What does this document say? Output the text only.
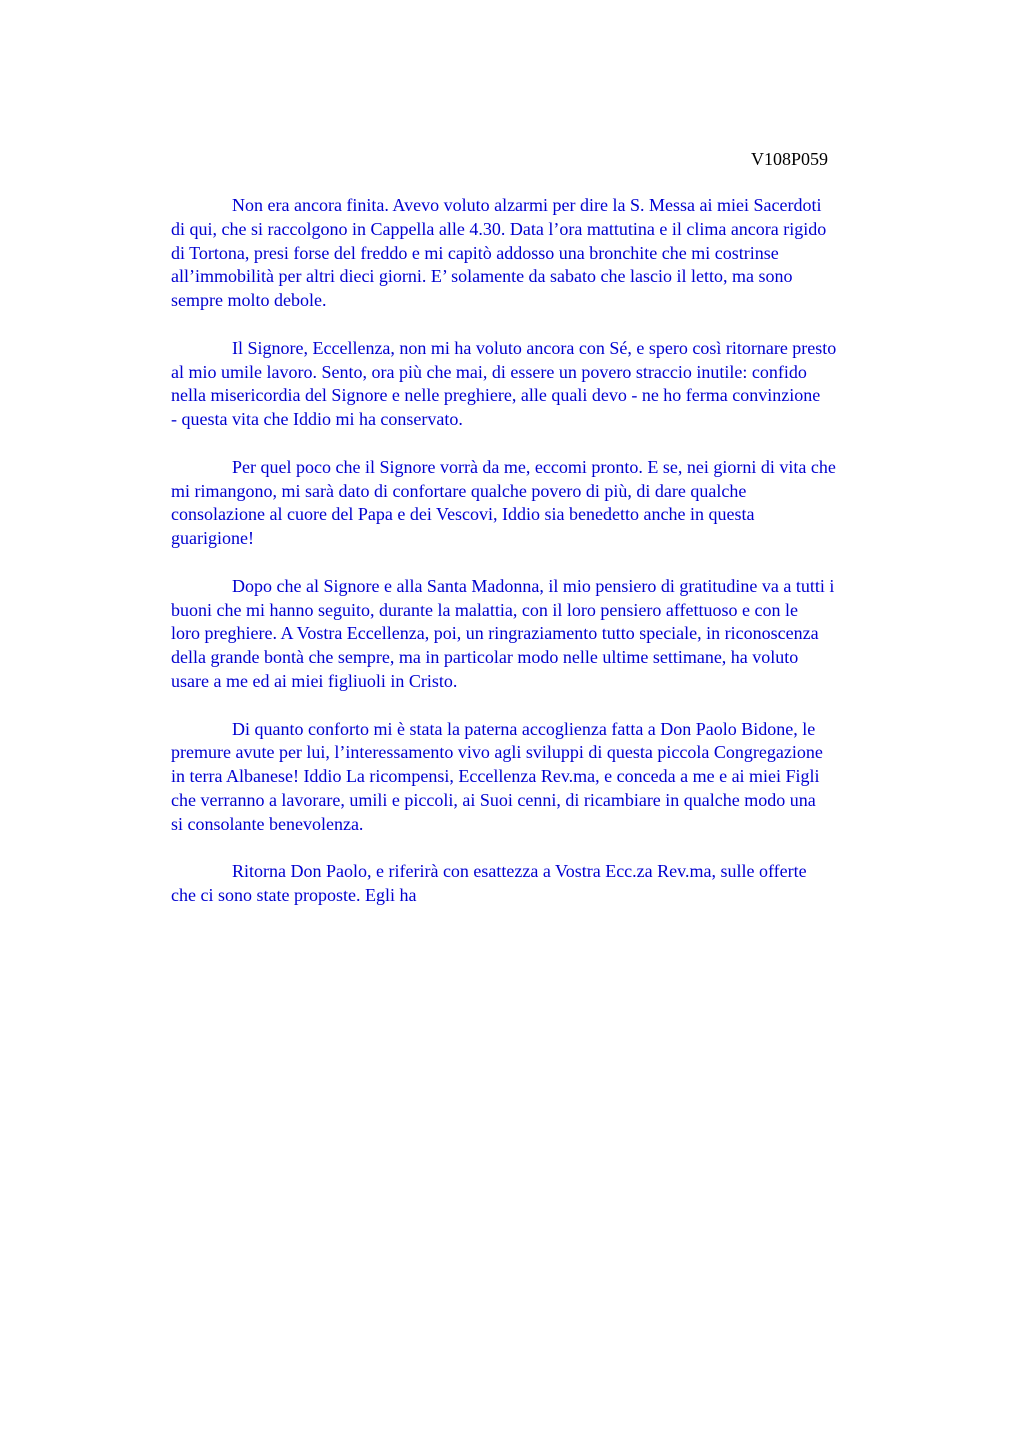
V108P059

Non era ancora finita. Avevo voluto alzarmi per dire la S. Messa ai miei Sacerdoti
di qui, che si raccolgono in Cappella alle 4.30. Data l’ora mattutina e il clima ancora rigido
di Tortona, presi forse del freddo e mi capitò addosso una bronchite che mi costrinse
all’immobilità per altri dieci giorni. E’ solamente da sabato che lascio il letto, ma sono
sempre molto debole.

Il Signore, Eccellenza, non mi ha voluto ancora con Sé, e spero così ritornare presto
al mio umile lavoro. Sento, ora più che mai, di essere un povero straccio inutile: confido
nella misericordia del Signore e nelle preghiere, alle quali devo - ne ho ferma convinzione
- questa vita che Iddio mi ha conservato.

Per quel poco che il Signore vorrà da me, eccomi pronto. E se, nei giorni di vita che
mi rimangono, mi sarà dato di confortare qualche povero di più, di dare qualche
consolazione al cuore del Papa e dei Vescovi, Iddio sia benedetto anche in questa
guarigione!

Dopo che al Signore e alla Santa Madonna, il mio pensiero di gratitudine va a tutti i
buoni che mi hanno seguito, durante la malattia, con il loro pensiero affettuoso e con le
loro preghiere. A Vostra Eccellenza, poi, un ringraziamento tutto speciale, in riconoscenza
della grande bontà che sempre, ma in particolar modo nelle ultime settimane, ha voluto
usare a me ed ai miei figliuoli in Cristo.

Di quanto conforto mi è stata la paterna accoglienza fatta a Don Paolo Bidone, le
premure avute per lui, l’interessamento vivo agli sviluppi di questa piccola Congregazione
in terra Albanese! Iddio La ricompensi, Eccellenza Rev.ma, e conceda a me e ai miei Figli
che verranno a lavorare, umili e piccoli, ai Suoi cenni, di ricambiare in qualche modo una
si consolante benevolenza.

Ritorna Don Paolo, e riferirà con esattezza a Vostra Ecc.za Rev.ma, sulle offerte
che ci sono state proposte. Egli ha
